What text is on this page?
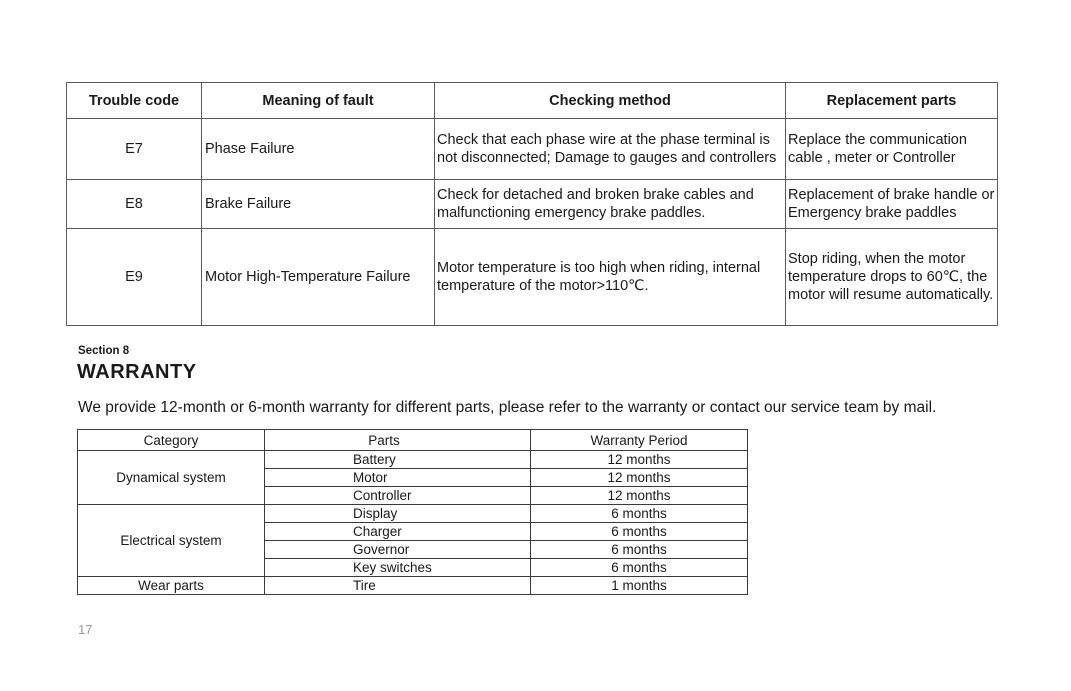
Trouble code	Meaning of fault	Checking method	Replacement parts
E7	Phase Failure	Check that each phase wire at the phase terminal is not disconnected; Damage to gauges and controllers	Replace the communication cable , meter or Controller
E8	Brake Failure	Check for detached and broken brake cables and malfunctioning emergency brake paddles.	Replacement of brake handle or Emergency brake paddles
E9	Motor High-Temperature Failure	Motor temperature is too high when riding, internal temperature of the motor>110℃.	Stop riding, when the motor temperature drops to 60℃, the motor will resume automatically.
Section 8
WARRANTY
We provide 12-month or 6-month warranty for different parts, please refer to the warranty or contact our service team by mail.
Category	Parts	Warranty Period
Dynamical system	Battery	12 months
	Motor	12 months
	Controller	12 months
Electrical system	Display	6 months
	Charger	6 months
	Governor	6 months
	Key switches	6 months
Wear parts	Tire	1 months
17
